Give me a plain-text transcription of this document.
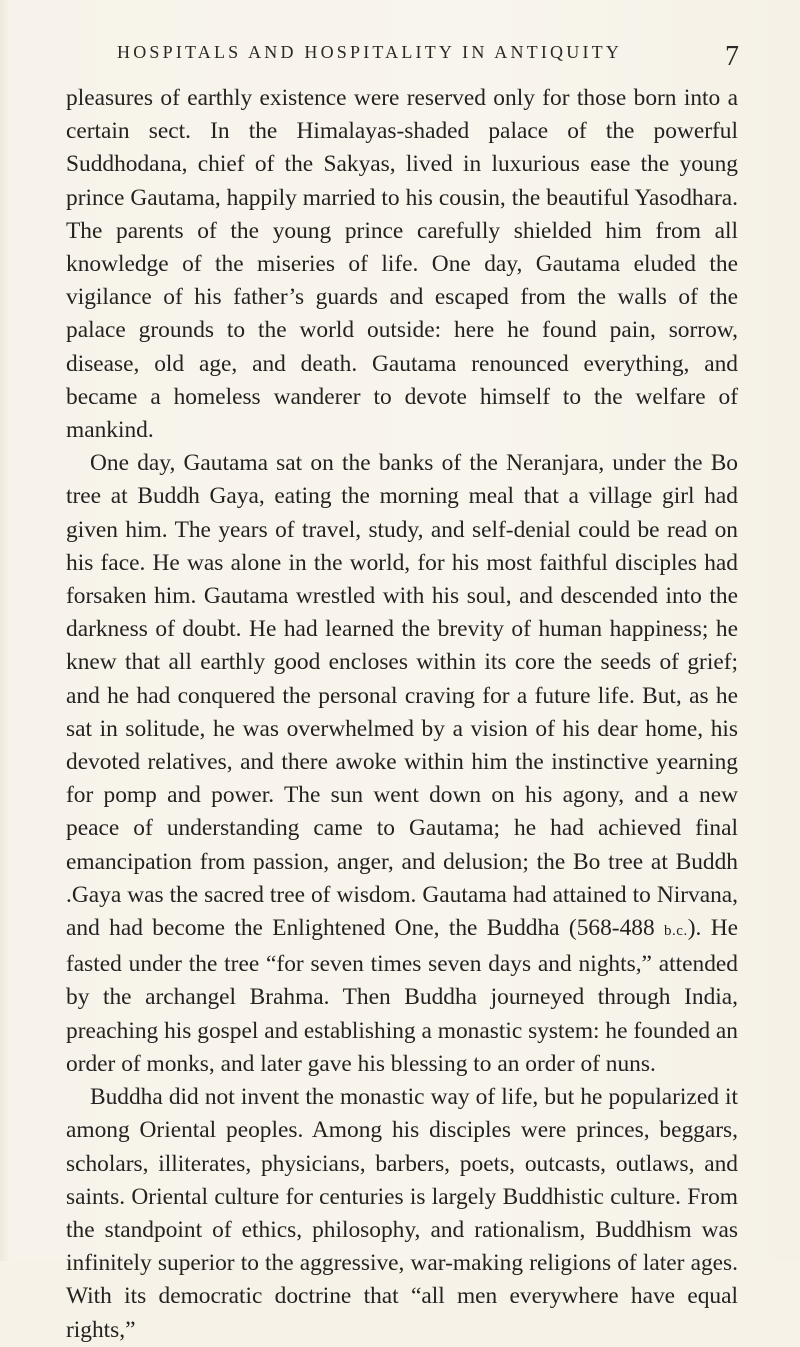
HOSPITALS AND HOSPITALITY IN ANTIQUITY	7

pleasures of earthly existence were reserved only for those born into a certain sect. In the Himalayas-shaded palace of the powerful Suddhodana, chief of the Sakyas, lived in luxurious ease the young prince Gautama, happily married to his cousin, the beautiful Yasodhara. The parents of the young prince carefully shielded him from all knowledge of the miseries of life. One day, Gautama eluded the vigilance of his father’s guards and escaped from the walls of the palace grounds to the world outside: here he found pain, sorrow, disease, old age, and death. Gautama renounced everything, and became a homeless wanderer to devote himself to the welfare of mankind.

One day, Gautama sat on the banks of the Neranjara, under the Bo tree at Buddh Gaya, eating the morning meal that a village girl had given him. The years of travel, study, and self-denial could be read on his face. He was alone in the world, for his most faithful disciples had forsaken him. Gautama wrestled with his soul, and descended into the darkness of doubt. He had learned the brevity of human happiness; he knew that all earthly good encloses within its core the seeds of grief; and he had conquered the personal craving for a future life. But, as he sat in solitude, he was overwhelmed by a vision of his dear home, his devoted relatives, and there awoke within him the instinctive yearning for pomp and power. The sun went down on his agony, and a new peace of understanding came to Gautama; he had achieved final emancipation from passion, anger, and delusion; the Bo tree at Buddh .Gaya was the sacred tree of wisdom. Gautama had attained to Nirvana, and had become the Enlightened One, the Buddha (568-488 b.c.). He fasted under the tree “for seven times seven days and nights,” attended by the archangel Brahma. Then Buddha journeyed through India, preaching his gospel and establishing a monastic system: he founded an order of monks, and later gave his blessing to an order of nuns.

Buddha did not invent the monastic way of life, but he popularized it among Oriental peoples. Among his disciples were princes, beggars, scholars, illiterates, physicians, barbers, poets, outcasts, outlaws, and saints. Oriental culture for centuries is largely Buddhistic culture. From the standpoint of ethics, philosophy, and rationalism, Buddhism was infinitely superior to the aggressive, war-making religions of later ages. With its democratic doctrine that “all men everywhere have equal rights,”
